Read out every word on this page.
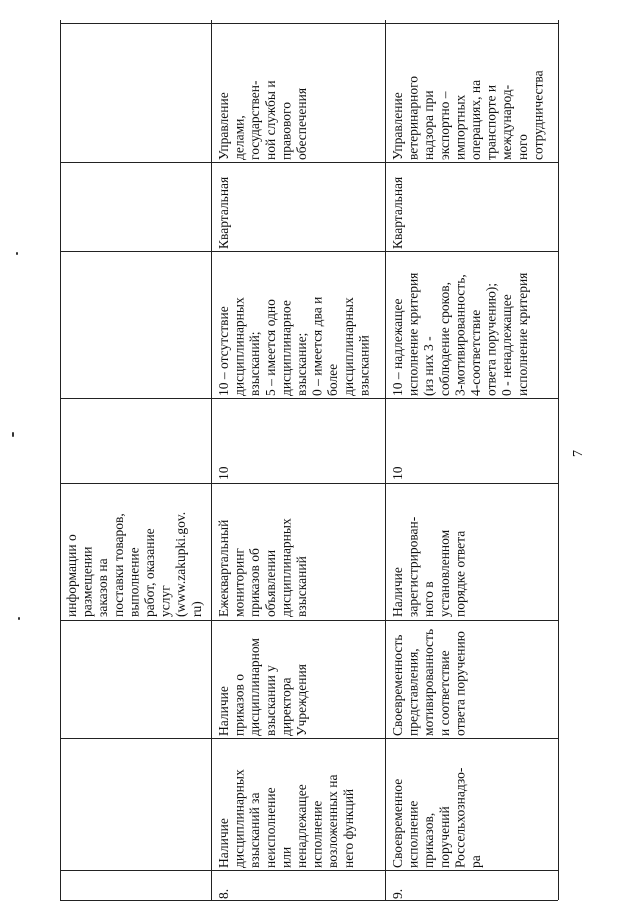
информации о
размещении
заказов на
поставки товаров,
выполнение
работ, оказание
услуг
(www.zakupki.gov.
ru)
8.
Наличие
дисциплинарных
взысканий за
неисполнение
или
ненадлежащее
исполнение
возложенных на
него функций
Наличие
приказов о
дисциплинарном
взыскании у
директора
Учреждения
Ежеквартальный
мониторинг
приказов об
объявлении
дисциплинарных
взысканий
10
10 – отсутствие
дисциплинарных
взысканий;
5 – имеется одно
дисциплинарное
взыскание;
0 – имеется два и
более
дисциплинарных
взысканий
Квартальная
Управление
делами,
государствен-
ной службы и
правового
обеспечения
9.
Своевременное
исполнение
приказов,
поручений
Россельхознадзо-
ра
Своевременность
представления,
мотивированность
и соответствие
ответа поручению
Наличие
зарегистрирован-
ного в
установленном
порядке ответа
10
10 – надлежащее
исполнение критерия
(из них 3 -
соблюдение сроков,
3-мотивированность,
4-соответствие
ответа поручению);
0 - ненадлежащее
исполнение критерия
Квартальная
Управление
ветеринарного
надзора при
экспортно –
импортных
операциях, на
транспорте и
международ-
ного
сотрудничества
7
